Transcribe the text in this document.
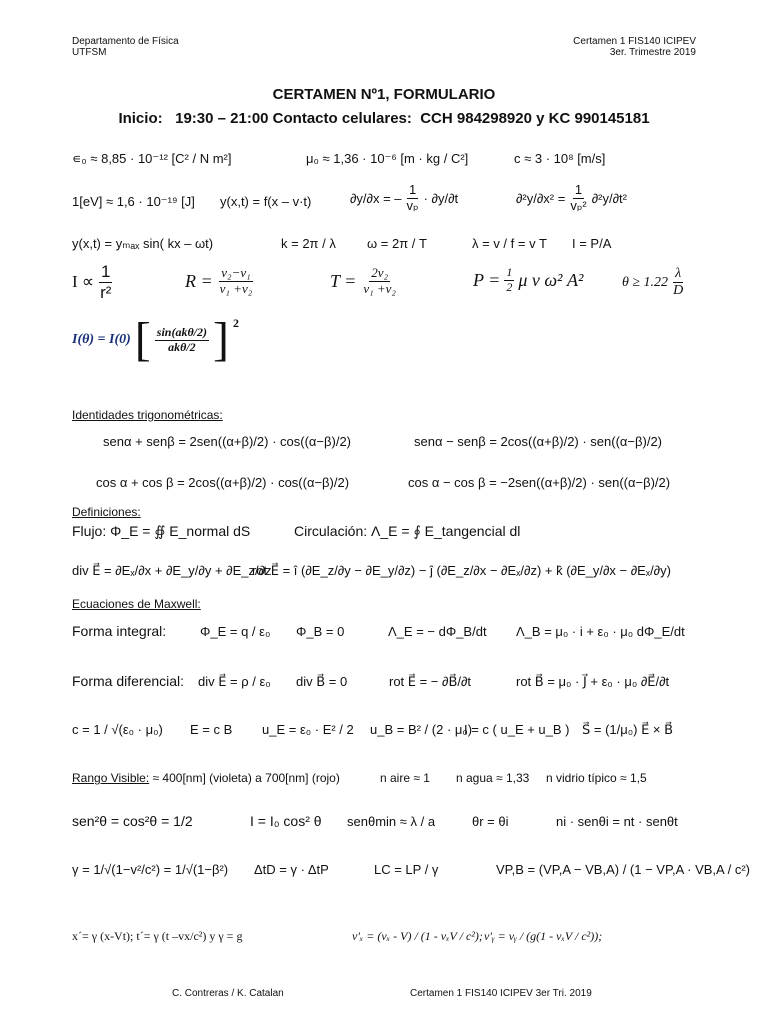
Departamento de Física
UTFSM
Certamen 1 FIS140 ICIPEV
3er. Trimestre 2019
CERTAMEN Nº1, FORMULARIO
Inicio:   19:30 – 21:00 Contacto celulares:  CCH 984298920 y KC 990145181
∊₀ ≈ 8,85 · 10⁻¹² [C² / N m²]	μ₀ ≈ 1,36 · 10⁻⁶ [m · kg / C²]	c ≈ 3 · 10⁸ [m/s]
1[eV] ≈ 1,6 · 10⁻¹⁹ [J] y(x,t) = f(x – v·t)	∂y/∂x = – $\frac{1}{\text{vₚ}} \cdot \partial y/\partial t$	$\partial^2y/\partial x^2 = \frac{1}{\text{vₚ²}} \partial^2y/\partial t^2$
y(x,t) = yₘₐₓ sin( kx – ωt)	k = 2π / λ ω = 2π / T	λ = v / f = v T I = P/A
$I \propto \frac{1}{\text{r²}}$	$R = \frac{\text{v₂−v₁}}{\text{v₁ +v₂}}$	$T = \frac{\text{2v₂}}{\text{v₁ +v₂}}$	$P = \frac{1}{2}$ μ v ω² A²	$\theta \ge 1.22 \frac{\lambda}{D}$
I(θ) = I(0) [ $\frac{\text{sin(akθ/2)}}{\text{akθ/2}}$ ] 2
Identidades trigonométricas:
senα + senβ = 2sen((α+β)/2) · cos((α−β)/2)	senα − senβ = 2cos((α+β)/2) · sen((α−β)/2)
cos α + cos β = 2cos((α+β)/2) · cos((α−β)/2)	cos α − cos β = −2sen((α+β)/2) · sen((α−β)/2)
Definiciones:
Flujo: Φ_E = ∯ E_normal dS	Circulación: Λ_E = ∮ E_tangencial dl
div E⃗ = ∂Eₓ/∂x + ∂E_y/∂y + ∂E_z/∂z
rot E⃗ = î (∂E_z/∂y − ∂E_y/∂z) − ĵ (∂E_z/∂x − ∂Eₓ/∂z) + k̂ (∂E_y/∂x − ∂Eₓ/∂y)
Ecuaciones de Maxwell:
Forma integral:	Φ_E = q / ε₀ Φ_B = 0	Λ_E = − dΦ_B/dt Λ_B = μ₀ · i + ε₀ · μ₀ dΦ_E/dt
Forma diferencial: div E⃗ = ρ / ε₀ div B⃗ = 0	rot E⃗ = − ∂B⃗/∂t	rot B⃗ = μ₀ · J⃗ + ε₀ · μ₀ ∂E⃗/∂t
c = 1 / √(ε₀ · μ₀) E = c B u_E = ε₀ · E² / 2 u_B = B² / (2 · μ₀)
I = c ( u_E + u_B ) S⃗ = (1/μ₀) E⃗ × B⃗
Rango Visible: ≈ 400[nm] (violeta) a 700[nm] (rojo)	n aire ≈ 1 n agua ≈ 1,33 n vidrio típico ≈ 1,5
sen²θ = cos²θ = 1/2	I = I₀ cos² θ senθmin ≈ λ / a	θr = θi	ni · senθi = nt · senθt
γ = 1/√(1−v²/c²) = 1/√(1−β²) ΔtD = γ · ΔtP	LC = LP / γ	VP,B = (VP,A − VB,A) / (1 − VP,A · VB,A / c²)
x´= γ (x-Vt); t´= γ (t –vx/c²) y γ = g	v'ₓ = (vₓ - V) / (1 - vₓV / c²); v'ᵧ = vᵧ / (g(1 - vₓV / c²));
C. Contreras / K. Catalan	Certamen 1 FIS140 ICIPEV 3er Tri. 2019
